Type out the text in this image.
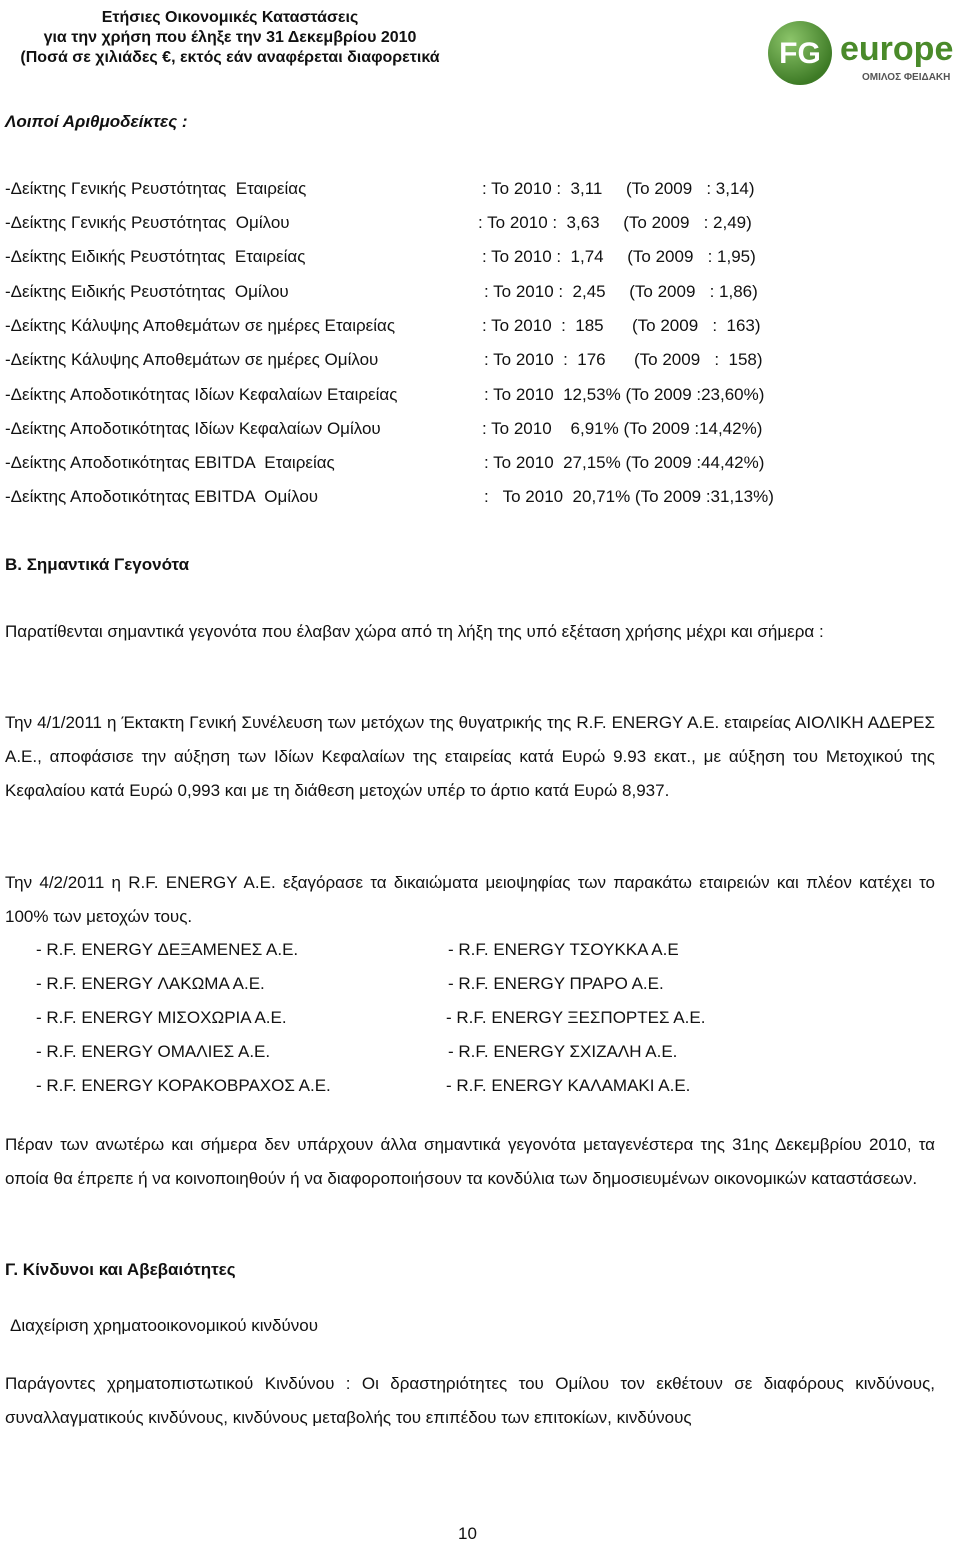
Ετήσιες Οικονομικές Καταστάσεις
για την χρήση που έληξε την 31 Δεκεμβρίου 2010
(Ποσά σε χιλιάδες €, εκτός εάν αναφέρεται διαφορετικά	FG europe
ΟΜΙΛΟΣ ΦΕΙΔΑΚΗ
Λοιποί Αριθμοδείκτες :

-Δείκτης Γενικής Ρευστότητας  Εταιρείας

	: Το 2010 :  3,11     (Το 2009   : 3,14)

-Δείκτης Γενικής Ρευστότητας  Ομίλου

	: Το 2010 :  3,63     (Το 2009   : 2,49)

-Δείκτης Ειδικής Ρευστότητας  Εταιρείας

	: Το 2010 :  1,74     (Το 2009   : 1,95)

-Δείκτης Ειδικής Ρευστότητας  Ομίλου

	: Το 2010 :  2,45     (Το 2009   : 1,86)

-Δείκτης Κάλυψης Αποθεμάτων σε ημέρες Εταιρείας

	: Το 2010  :  185      (Το 2009   :  163)

-Δείκτης Κάλυψης Αποθεμάτων σε ημέρες Ομίλου

	: Το 2010  :  176      (Το 2009   :  158)

-Δείκτης Αποδοτικότητας Ιδίων Κεφαλαίων Εταιρείας

	: Το 2010  12,53% (Το 2009 :23,60%)

-Δείκτης Αποδοτικότητας Ιδίων Κεφαλαίων Ομίλου

	: Το 2010    6,91% (Το 2009 :14,42%)

-Δείκτης Αποδοτικότητας EBITDA  Εταιρείας

	: Το 2010  27,15% (Το 2009 :44,42%)

-Δείκτης Αποδοτικότητας EBITDA  Ομίλου

	:   Το 2010  20,71% (Το 2009 :31,13%)

Β. Σημαντικά Γεγονότα
Παρατίθενται σημαντικά γεγονότα που έλαβαν χώρα από τη λήξη της υπό εξέταση χρήσης μέχρι και σήμερα :
Την 4/1/2011 η Έκτακτη Γενική Συνέλευση των μετόχων της θυγατρικής της R.F. ENERGY A.E. εταιρείας ΑΙΟΛΙΚΗ ΑΔΕΡΕΣ Α.Ε., αποφάσισε την αύξηση των Ιδίων Κεφαλαίων της εταιρείας κατά Ευρώ 9.93 εκατ., με αύξηση του Μετοχικού της Κεφαλαίου κατά Ευρώ 0,993 και με τη διάθεση μετοχών υπέρ το άρτιο κατά Ευρώ 8,937.
Την 4/2/2011 η R.F. ENERGY A.E. εξαγόρασε τα δικαιώματα μειοψηφίας των παρακάτω εταιρειών και πλέον κατέχει το 100% των μετοχών τους.
- R.F. ENERGY ΔΕΞΑΜΕΝΕΣ Α.Ε.
- R.F. ENERGY ΛΑΚΩΜΑ Α.Ε.
- R.F. ENERGY ΜΙΣΟΧΩΡΙΑ Α.Ε.
- R.F. ENERGY ΟΜΑΛΙΕΣ Α.Ε.
- R.F. ENERGY ΚΟΡΑΚΟΒΡΑΧΟΣ Α.Ε.
- R.F. ENERGY ΤΣΟΥΚΚΑ Α.Ε
- R.F. ENERGY ΠΡΑΡΟ Α.Ε.
- R.F. ENERGY ΞΕΣΠΟΡΤΕΣ Α.Ε.
- R.F. ENERGY ΣΧΙΖΑΛΗ Α.Ε.
- R.F. ENERGY ΚΑΛΑΜΑΚΙ Α.Ε.
Πέραν των ανωτέρω και σήμερα δεν υπάρχουν άλλα σημαντικά γεγονότα μεταγενέστερα της 31ης Δεκεμβρίου 2010, τα οποία θα έπρεπε ή να κοινοποιηθούν ή να διαφοροποιήσουν τα κονδύλια των δημοσιευμένων οικονομικών καταστάσεων.
Γ. Κίνδυνοι και Αβεβαιότητες
Διαχείριση χρηματοοικονομικού κινδύνου
Παράγοντες χρηματοπιστωτικού Κινδύνου : Οι δραστηριότητες του Ομίλου τον εκθέτουν σε διαφόρους κινδύνους, συναλλαγματικούς κινδύνους, κινδύνους μεταβολής του επιπέδου των επιτοκίων, κινδύνους
10
